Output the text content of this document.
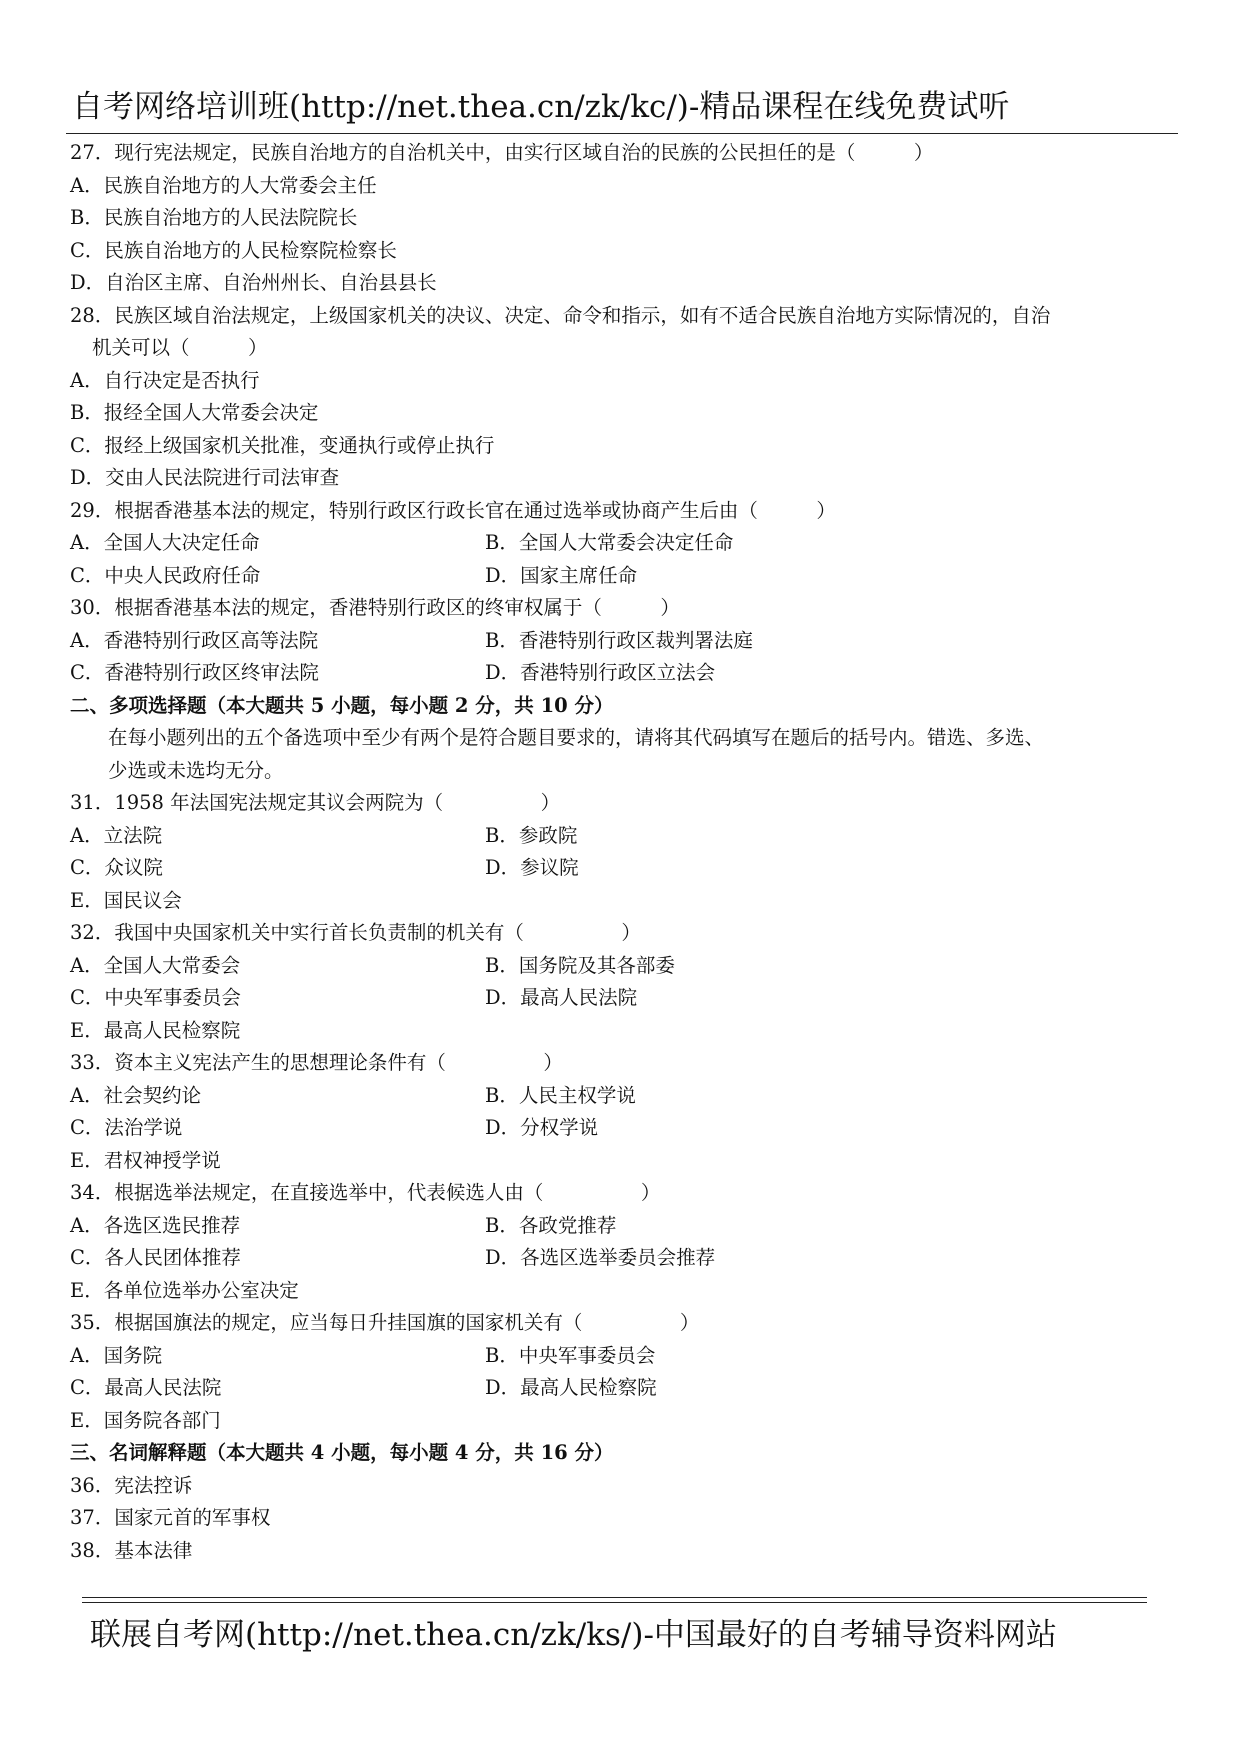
自考网络培训班(http://net.thea.cn/zk/kc/)-精品课程在线免费试听
27．现行宪法规定，民族自治地方的自治机关中，由实行区域自治的民族的公民担任的是（　　　）
A．民族自治地方的人大常委会主任
B．民族自治地方的人民法院院长
C．民族自治地方的人民检察院检察长
D．自治区主席、自治州州长、自治县县长
28．民族区域自治法规定，上级国家机关的决议、决定、命令和指示，如有不适合民族自治地方实际情况的，自治
机关可以（　　　）
A．自行决定是否执行
B．报经全国人大常委会决定
C．报经上级国家机关批准，变通执行或停止执行
D．交由人民法院进行司法审查
29．根据香港基本法的规定，特别行政区行政长官在通过选举或协商产生后由（　　　）
A．全国人大决定任命	B．全国人大常委会决定任命
C．中央人民政府任命	D．国家主席任命
30．根据香港基本法的规定，香港特别行政区的终审权属于（　　　）
A．香港特别行政区高等法院	B．香港特别行政区裁判署法庭
C．香港特别行政区终审法院	D．香港特别行政区立法会
二、多项选择题（本大题共 5 小题，每小题 2 分，共 10 分）
在每小题列出的五个备选项中至少有两个是符合题目要求的，请将其代码填写在题后的括号内。错选、多选、
少选或未选均无分。
31．1958 年法国宪法规定其议会两院为（　　　　　）
A．立法院	B．参政院
C．众议院	D．参议院
E．国民议会
32．我国中央国家机关中实行首长负责制的机关有（　　　　　）
A．全国人大常委会	B．国务院及其各部委
C．中央军事委员会	D．最高人民法院
E．最高人民检察院
33．资本主义宪法产生的思想理论条件有（　　　　　）
A．社会契约论	B．人民主权学说
C．法治学说	D．分权学说
E．君权神授学说
34．根据选举法规定，在直接选举中，代表候选人由（　　　　　）
A．各选区选民推荐	B．各政党推荐
C．各人民团体推荐	D．各选区选举委员会推荐
E．各单位选举办公室决定
35．根据国旗法的规定，应当每日升挂国旗的国家机关有（　　　　　）
A．国务院	B．中央军事委员会
C．最高人民法院	D．最高人民检察院
E．国务院各部门
三、名词解释题（本大题共 4 小题，每小题 4 分，共 16 分）
36．宪法控诉
37．国家元首的军事权
38．基本法律
联展自考网(http://net.thea.cn/zk/ks/)-中国最好的自考辅导资料网站
